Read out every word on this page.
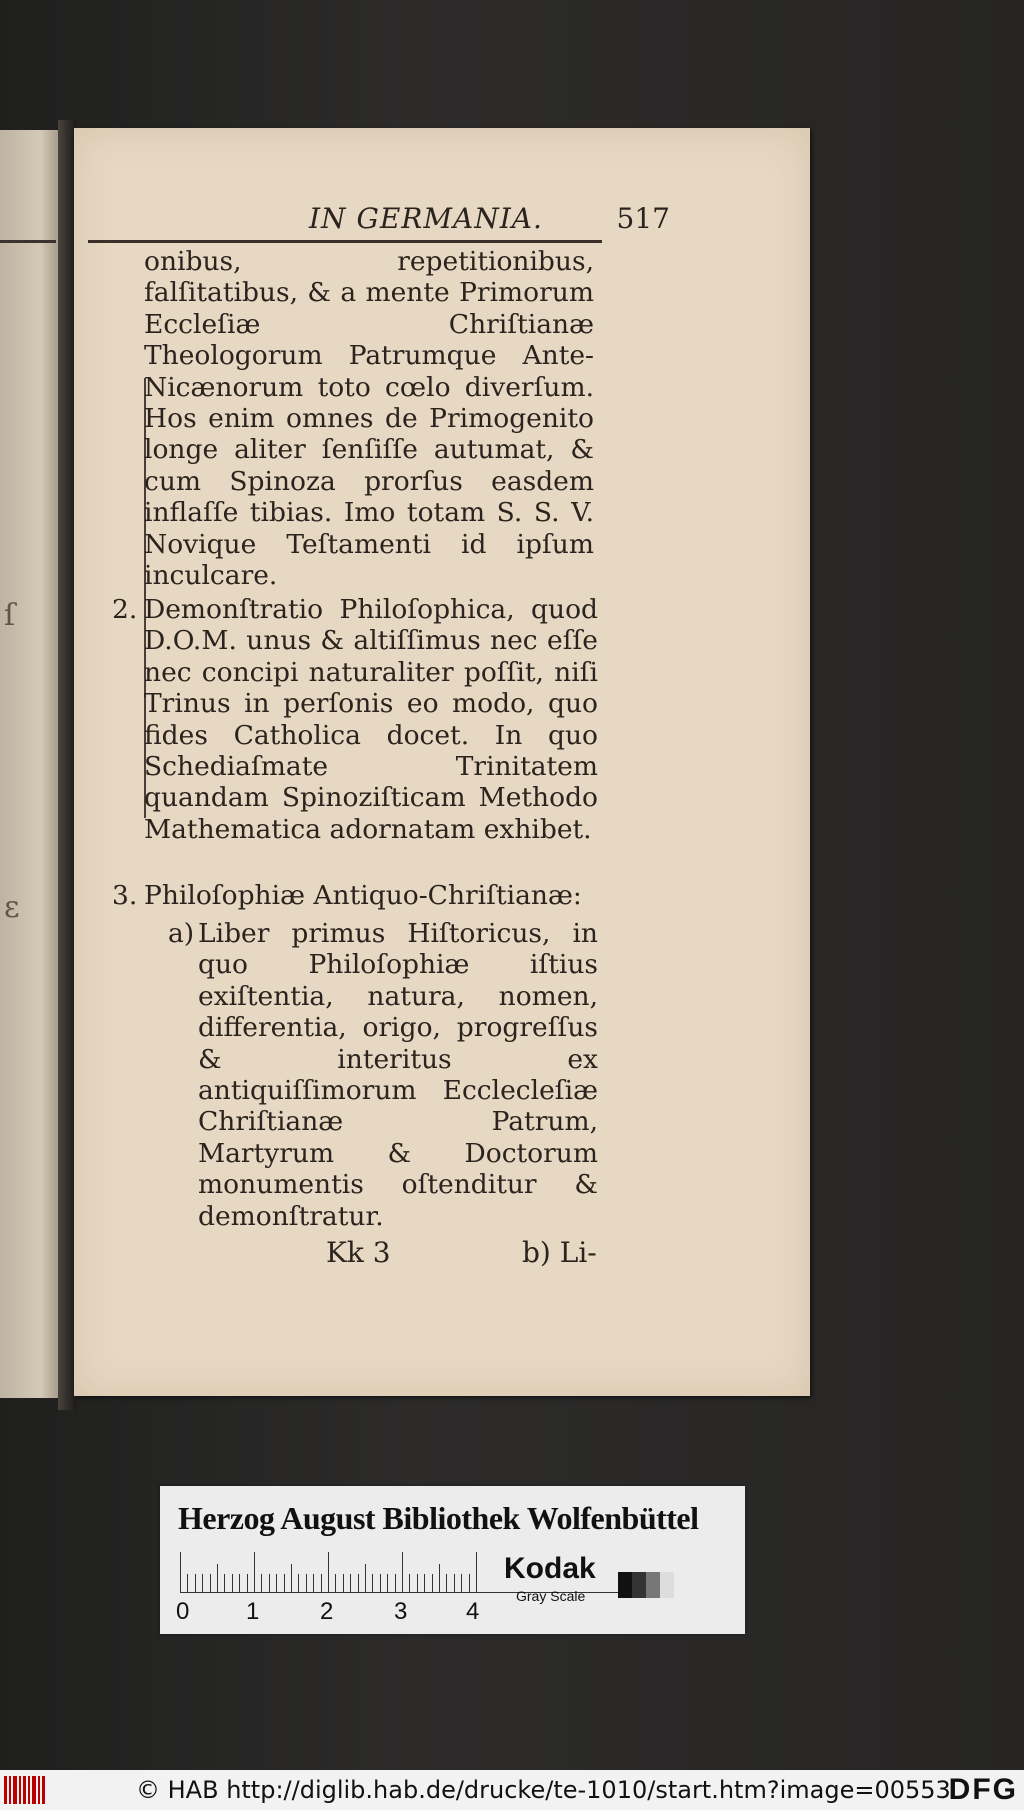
ſ
ε
IN GERMANIA.	517

onibus, repetitionibus, falſitatibus, & a mente Primorum Eccleſiæ Chriſtianæ Theologorum Patrumque Ante-Nicænorum toto cœlo diverſum. Hos enim omnes de Primogenito longe aliter ſenſiſſe autumat, & cum Spinoza prorſus easdem inflaſſe tibias. Imo totam S. S. V. Novique Teſtamenti id ipſum inculcare.

2. Demonſtratio Philoſophica, quod D.O.M. unus & altiſſimus nec eſſe nec concipi naturaliter poſſit, niſi Trinus in perſonis eo modo, quo fides Catholica docet. In quo Schediaſmate Trinitatem quandam Spinoziſticam Methodo Mathematica adornatam exhibet.
3. Philoſophiæ Antiquo-Chriſtianæ:
a) Liber primus Hiſtoricus, in quo Philoſophiæ iſtius exiſtentia, natura, nomen, differentia, origo, progreſſus & interitus ex antiquiſſimorum Ecclecleſiæ Chriſtianæ Patrum, Martyrum & Doctorum monumentis oſtenditur & demonſtratur.
Kk 3	b) Li-
Herzog August Bibliothek Wolfenbüttel
0 1	2	3 4
Kodak
Gray Scale
© HAB http://diglib.hab.de/drucke/te-1010/start.htm?image=00553
DFG
